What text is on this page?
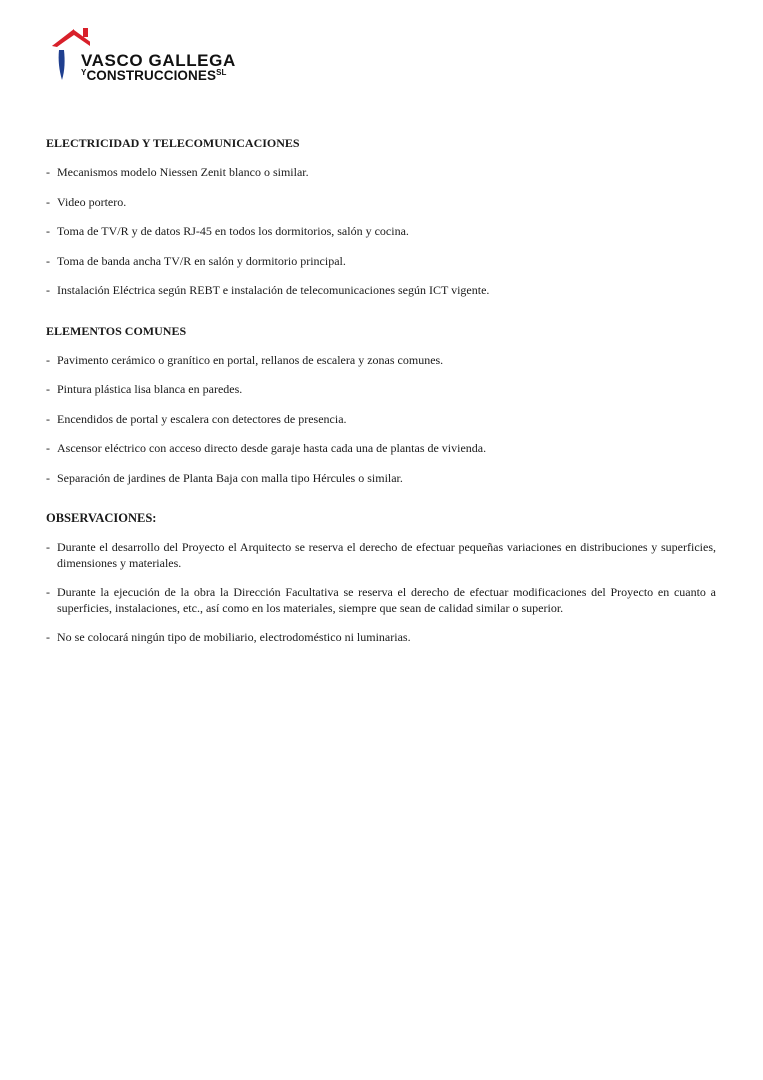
VASCO GALLEGA
$^YCONSTRUCCIONES^{SL}$
ELECTRICIDAD Y TELECOMUNICACIONES
- Mecanismos modelo Niessen Zenit blanco o similar.
- Video portero.
- Toma de TV/R y de datos RJ-45 en todos los dormitorios, salón y cocina.
- Toma de banda ancha TV/R en salón y dormitorio principal.
- Instalación Eléctrica según REBT e instalación de telecomunicaciones según ICT vigente.
ELEMENTOS COMUNES
- Pavimento cerámico o granítico en portal, rellanos de escalera y zonas comunes.
- Pintura plástica lisa blanca en paredes.
- Encendidos de portal y escalera con detectores de presencia.
- Ascensor eléctrico con acceso directo desde garaje hasta cada una de plantas de vivienda.
- Separación de jardines de Planta Baja con malla tipo Hércules o similar.
OBSERVACIONES:
- Durante el desarrollo del Proyecto el Arquitecto se reserva el derecho de efectuar pequeñas variaciones en distribuciones y superficies, dimensiones y materiales.
- Durante la ejecución de la obra la Dirección Facultativa se reserva el derecho de efectuar modificaciones del Proyecto en cuanto a superficies, instalaciones, etc., así como en los materiales, siempre que sean de calidad similar o superior.
- No se colocará ningún tipo de mobiliario, electrodoméstico ni luminarias.
